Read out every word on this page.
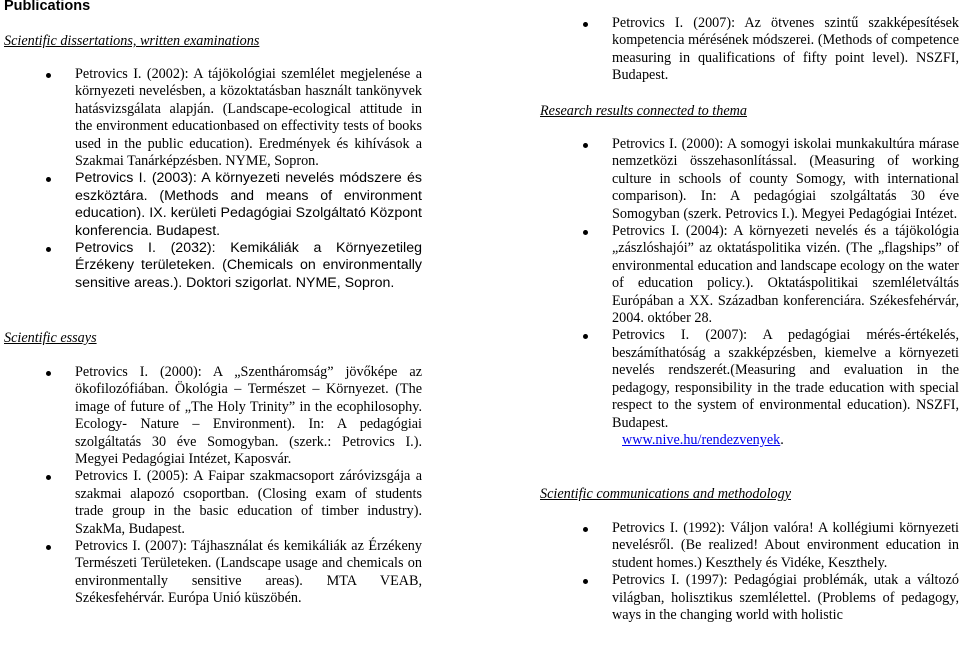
Publications
Scientific dissertations, written examinations
Petrovics I. (2002): A tájökológiai szemlélet megjelenése a környezeti nevelésben, a közoktatásban használt tankönyvek hatásvizsgálata alapján. (Landscape-ecological attitude in the environment educationbased on effectivity tests of books used in the public education). Eredmények és kihívások a Szakmai Tanárképzésben. NYME, Sopron.
Petrovics I. (2003): A környezeti nevelés módszere és eszköztára. (Methods and means of environment education). IX. kerületi Pedagógiai Szolgáltató Központ konferencia. Budapest.
Petrovics I. (2032): Kemikáliák a Környezetileg Érzékeny területeken. (Chemicals on environmentally sensitive areas.). Doktori szigorlat. NYME, Sopron.
Scientific essays
Petrovics I. (2000): A „Szentháromság” jövőképe az ökofilozófiában. Ökológia – Természet – Környezet. (The image of future of „The Holy Trinity” in the ecophilosophy. Ecology- Nature – Environment). In: A pedagógiai szolgáltatás 30 éve Somogyban. (szerk.: Petrovics I.). Megyei Pedagógiai Intézet, Kaposvár.
Petrovics I. (2005): A Faipar szakmacsoport záróvizsgája a szakmai alapozó csoportban. (Closing exam of students trade group in the basic education of timber industry). SzakMa, Budapest.
Petrovics I. (2007): Tájhasználat és kemikáliák az Érzékeny Természeti Területeken. (Landscape usage and chemicals on environmentally sensitive areas). MTA VEAB, Székesfehérvár. Európa Unió küszöbén.
Petrovics I. (2007): Az ötvenes szintű szakképesítések kompetencia mérésének módszerei. (Methods of competence measuring in qualifications of fifty point level). NSZFI, Budapest.
Research results connected to thema
Petrovics I. (2000): A somogyi iskolai munkakultúra márase nemzetközi összehasonlítással. (Measuring of working culture in schools of county Somogy, with international comparison). In: A pedagógiai szolgáltatás 30 éve Somogyban (szerk. Petrovics I.). Megyei Pedagógiai Intézet.
Petrovics I. (2004): A környezeti nevelés és a tájökológia „zászlóshajói” az oktatáspolitika vizén. (The „flagships” of environmental education and landscape ecology on the water of education policy.). Oktatáspolitikai szemléletváltás Európában a XX. Században konferenciára. Székesfehérvár, 2004. október 28.
Petrovics I. (2007): A pedagógiai mérés-értékelés, beszámíthatóság a szakképzésben, kiemelve a környezeti nevelés rendszerét.(Measuring and evaluation in the pedagogy, responsibility in the trade education with special respect to the system of environmental education). NSZFI, Budapest.
www.nive.hu/rendezvenyek.
Scientific communications and methodology
Petrovics I. (1992): Váljon valóra! A kollégiumi környezeti nevelésről. (Be realized! About environment education in student homes.) Keszthely és Vidéke, Keszthely.
Petrovics I. (1997): Pedagógiai problémák, utak a változó világban, holisztikus szemlélettel. (Problems of pedagogy, ways in the changing world with holistic
